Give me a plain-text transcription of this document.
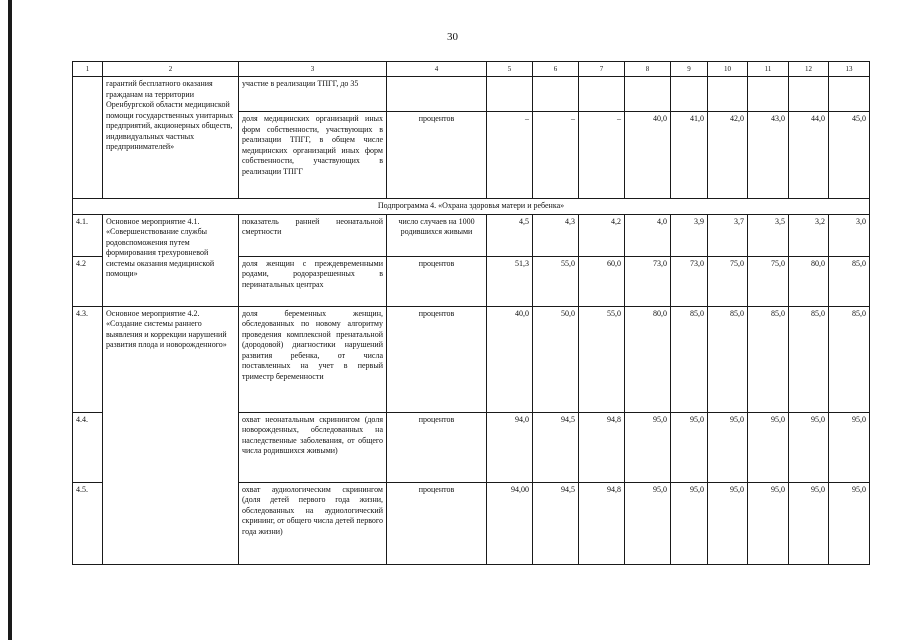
30
1	2	3	4	5	6	7	8	9	10	11	12	13
	гарантий бесплатного оказания гражданам на территории Оренбургской области медицинской помощи государственных унитарных предприятий, акционерных обществ, индивидуальных частных предпринимателей»	участие в реализации ТПГГ, до 35										
		доля медицинских организаций иных форм собственности, участвующих в реализации ТПГГ, в общем числе медицинских организаций иных форм собственности, участвующих в реализации ТПГГ	процентов	–	–	–	40,0	41,0	42,0	43,0	44,0	45,0
Подпрограмма 4. «Охрана здоровья матери и ребенка»												
4.1.	Основное мероприятие 4.1. «Совершенствование службы родовспоможения путем формирования трехуровневой системы оказания медицинской помощи»	показатель ранней неонатальной смертности	число случаев на 1000 родившихся живыми	4,5	4,3	4,2	4,0	3,9	3,7	3,5	3,2	3,0
4.2		доля женщин с преждевременными родами, родоразрешенных в перинатальных центрах	процентов	51,3	55,0	60,0	73,0	73,0	75,0	75,0	80,0	85,0
4.3.	Основное мероприятие 4.2. «Создание системы раннего выявления и коррекции нарушений развития плода и новорожденного»	доля беременных женщин, обследованных по новому алгоритму проведения комплексной пренатальной (дородовой) диагностики нарушений развития ребенка, от числа поставленных на учет в первый триместр беременности	процентов	40,0	50,0	55,0	80,0	85,0	85,0	85,0	85,0	85,0
4.4.		охват неонатальным скринингом (доля новорожденных, обследованных на наследственные заболевания, от общего числа родившихся живыми)	процентов	94,0	94,5	94,8	95,0	95,0	95,0	95,0	95,0	95,0
4.5.		охват аудиологическим скринингом (доля детей первого года жизни, обследованных на аудиологический скрининг, от общего числа детей первого года жизни)	процентов	94,00	94,5	94,8	95,0	95,0	95,0	95,0	95,0	95,0
